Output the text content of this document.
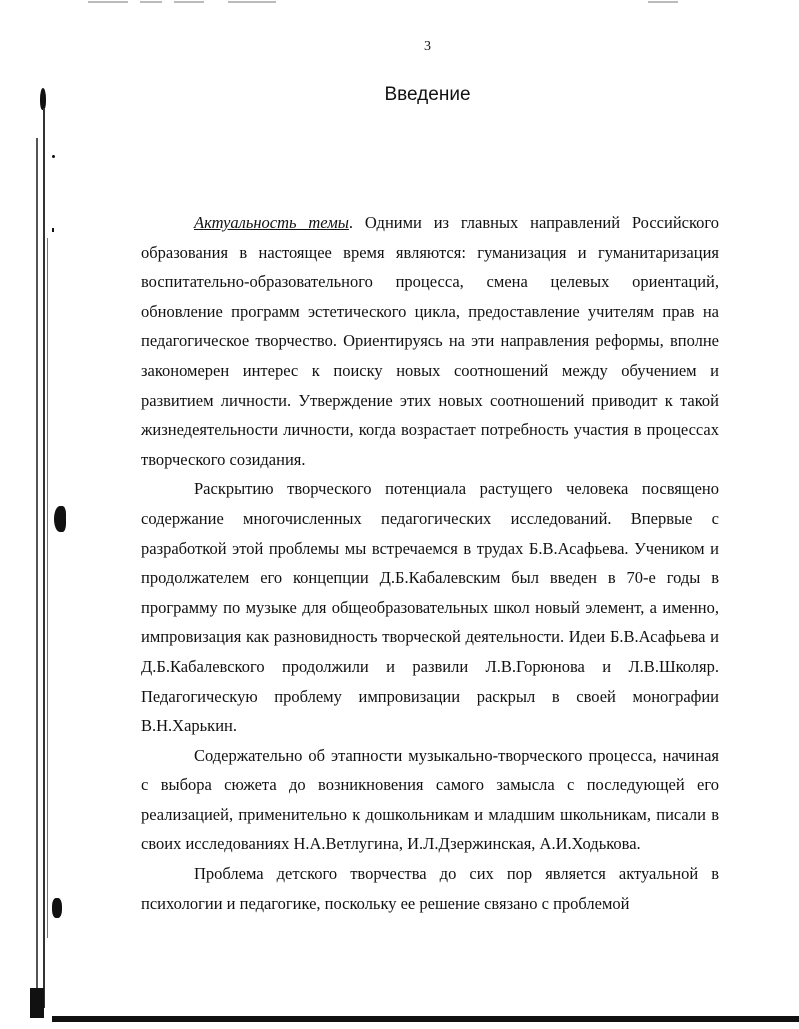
3
Введение

Актуальность темы. Одними из главных направлений Российского образования в настоящее время являются: гуманизация и гуманитаризация воспитательно-образовательного процесса, смена целевых ориентаций, обновление программ эстетического цикла, предоставление учителям прав на педагогическое творчество. Ориентируясь на эти направления реформы, вполне закономерен интерес к поиску новых соотношений между обучением и развитием личности. Утверждение этих новых соотношений приводит к такой жизнедеятельности личности, когда возрастает потребность участия в процессах творческого созидания.

Раскрытию творческого потенциала растущего человека посвящено содержание многочисленных педагогических исследований. Впервые с разработкой этой проблемы мы встречаемся в трудах Б.В.Асафьева. Учеником и продолжателем его концепции Д.Б.Кабалевским был введен в 70-е годы в программу по музыке для общеобразовательных школ новый элемент, а именно, импровизация как разновидность творческой деятельности. Идеи Б.В.Асафьева и Д.Б.Кабалевского продолжили и развили Л.В.Горюнова и Л.В.Школяр. Педагогическую проблему импровизации раскрыл в своей монографии В.Н.Харькин.

Содержательно об этапности музыкально-творческого процесса, начиная с выбора сюжета до возникновения самого замысла с последующей его реализацией, применительно к дошкольникам и младшим школьникам, писали в своих исследованиях Н.А.Ветлугина, И.Л.Дзержинская, А.И.Ходькова.

Проблема детского творчества до сих пор является актуальной в психологии и педагогике, поскольку ее решение связано с проблемой
